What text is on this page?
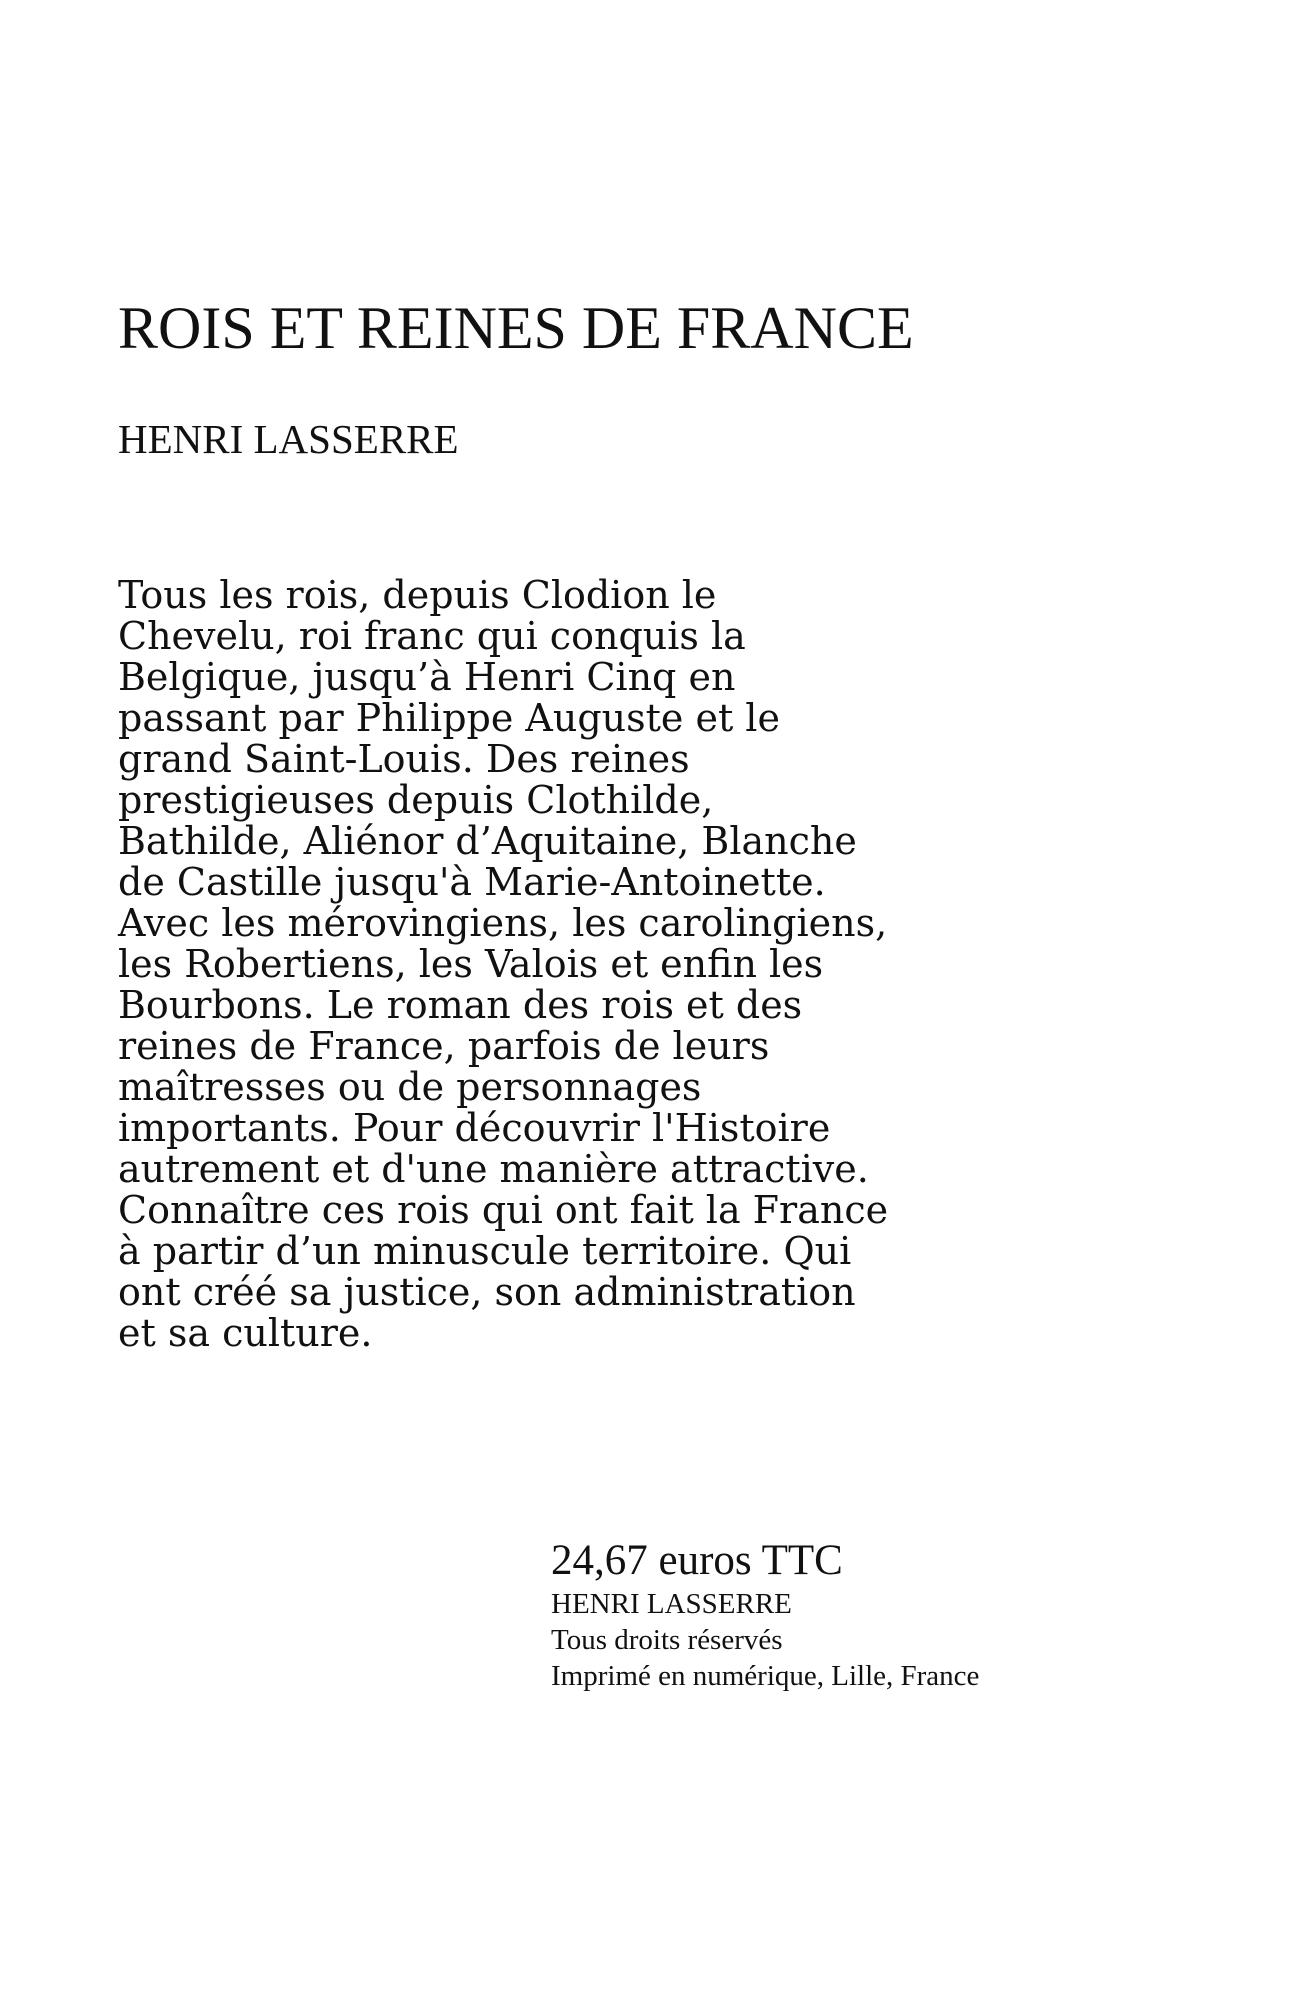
ROIS ET REINES DE FRANCE
HENRI LASSERRE

Tous les rois, depuis Clodion le
Chevelu, roi franc qui conquis la
Belgique, jusqu’à Henri Cinq en
passant par Philippe Auguste et le
grand Saint-Louis. Des reines
prestigieuses depuis Clothilde,
Bathilde, Aliénor d’Aquitaine, Blanche
de Castille jusqu'à Marie-Antoinette.
Avec les mérovingiens, les carolingiens,
les Robertiens, les Valois et enfin les
Bourbons. Le roman des rois et des
reines de France, parfois de leurs
maîtresses ou de personnages
importants. Pour découvrir l'Histoire
autrement et d'une manière attractive.
Connaître ces rois qui ont fait la France
à partir d’un minuscule territoire. Qui
ont créé sa justice, son administration
et sa culture.

24,67 euros TTC
HENRI LASSERRE
Tous droits réservés
Imprimé en numérique, Lille, France
